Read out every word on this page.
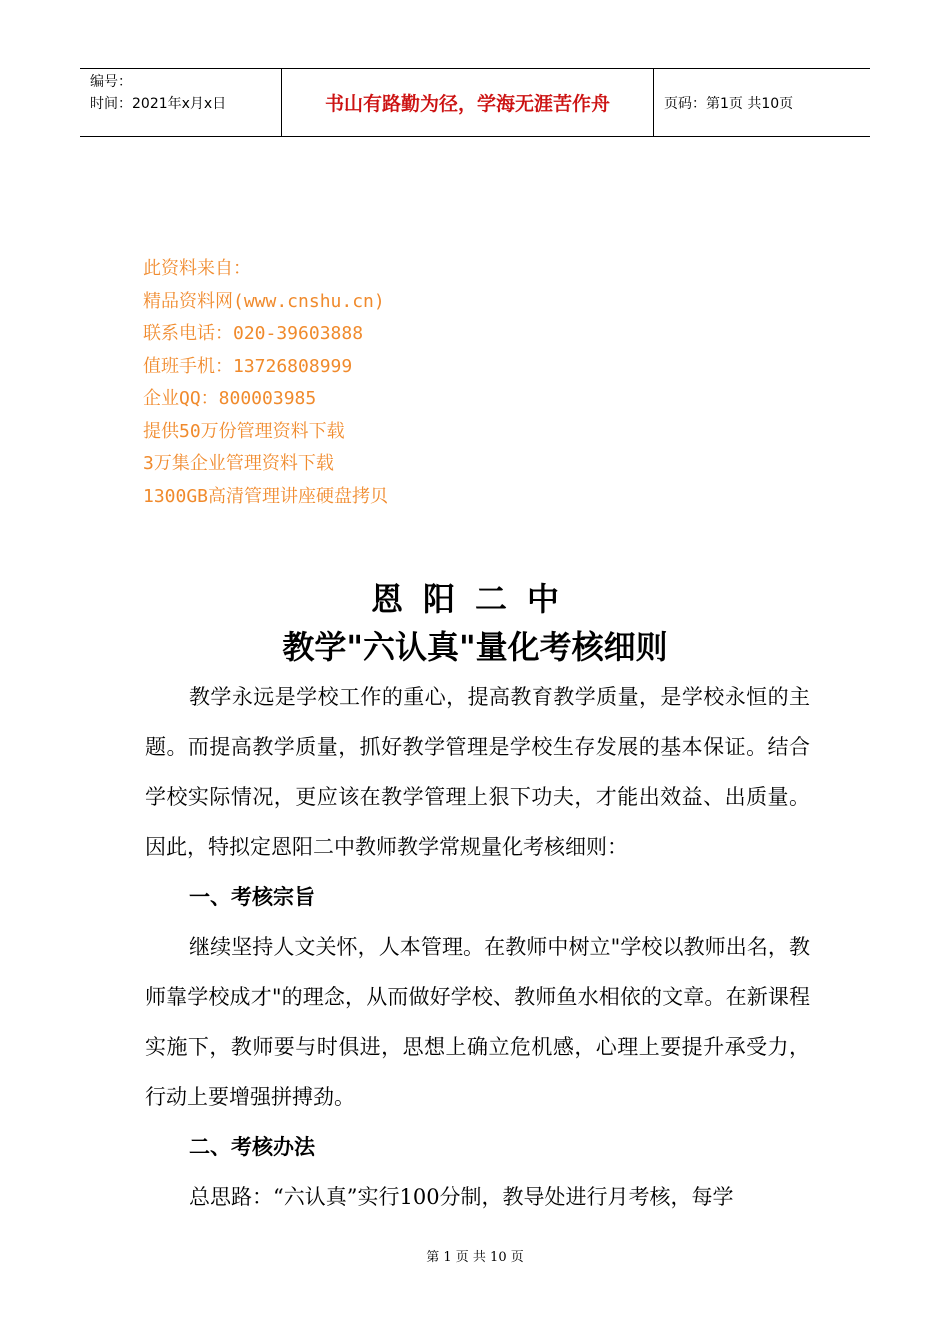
编号：
时间：2021年x月x日	书山有路勤为径，学海无涯苦作舟	页码：第1页 共10页
此资料来自：
精品资料网(www.cnshu.cn)
联系电话：020-39603888
值班手机：13726808999
企业QQ：800003985
提供50万份管理资料下载
3万集企业管理资料下载
1300GB高清管理讲座硬盘拷贝
恩阳二中
教学"六认真"量化考核细则

教学永远是学校工作的重心，提高教育教学质量，是学校永恒的主题。而提高教学质量，抓好教学管理是学校生存发展的基本保证。结合学校实际情况，更应该在教学管理上狠下功夫，才能出效益、出质量。因此，特拟定恩阳二中教师教学常规量化考核细则：

一、考核宗旨

继续坚持人文关怀，人本管理。在教师中树立"学校以教师出名，教师靠学校成才"的理念，从而做好学校、教师鱼水相依的文章。在新课程实施下，教师要与时俱进，思想上确立危机感，心理上要提升承受力，行动上要增强拼搏劲。

二、考核办法

总思路：“六认真”实行100分制，教导处进行月考核，每学

第 1 页 共 10 页
